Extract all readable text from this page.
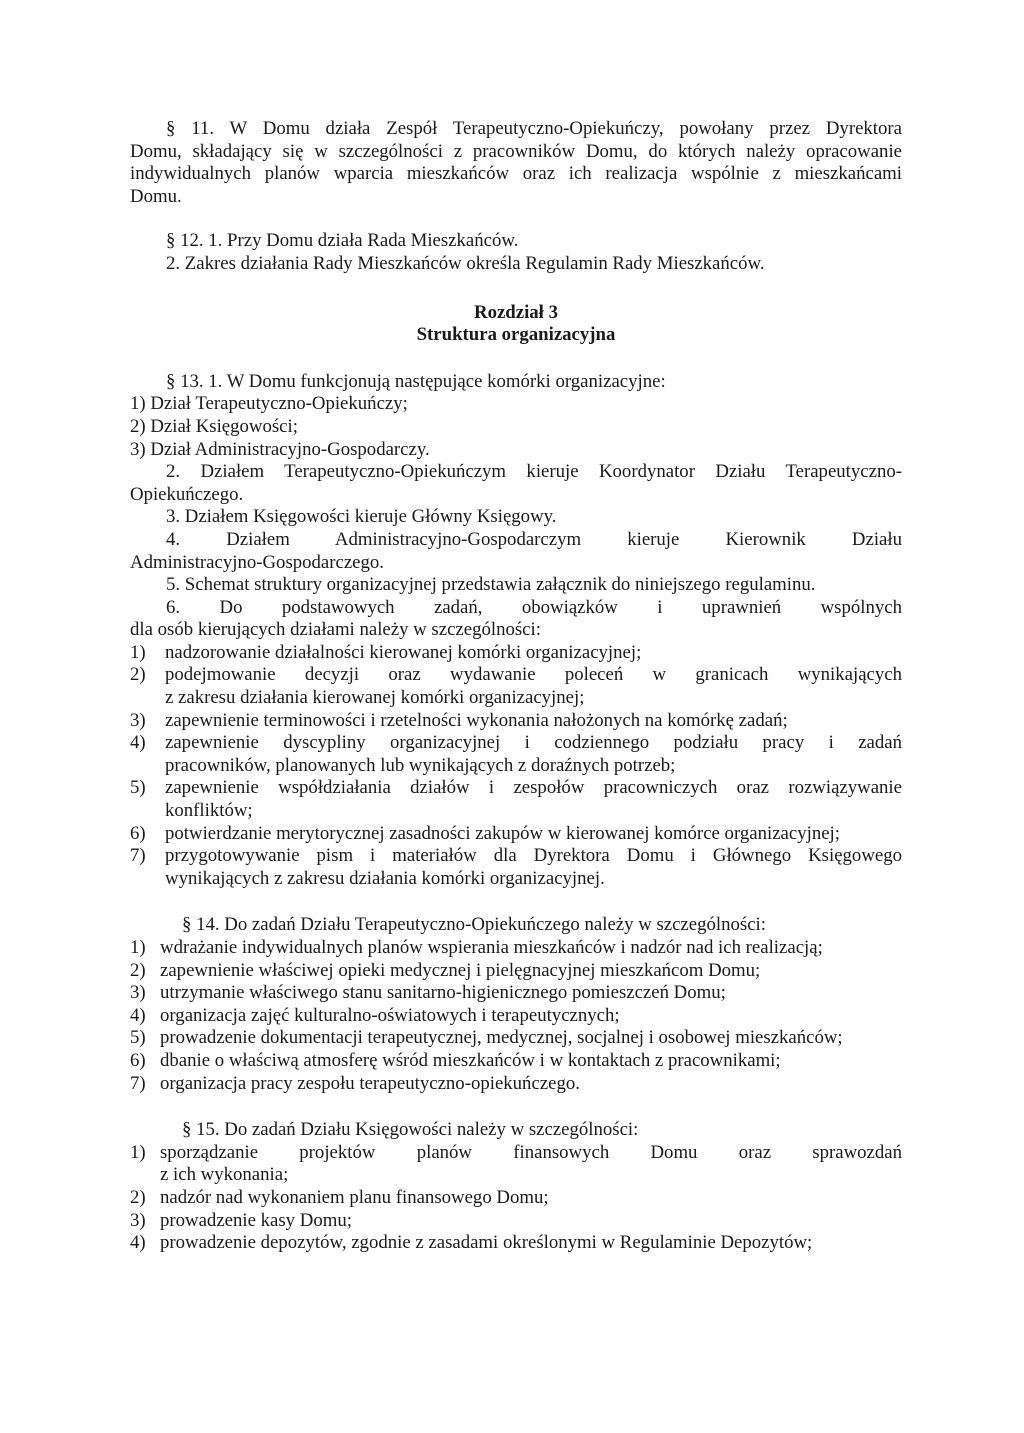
§ 11. W Domu działa Zespół Terapeutyczno-Opiekuńczy, powołany przez Dyrektora

Domu, składający się w szczególności z pracowników Domu, do których należy opracowanie

indywidualnych planów wparcia mieszkańców oraz ich realizacja wspólnie z mieszkańcami

Domu.

§ 12. 1. Przy Domu działa Rada Mieszkańców.

2. Zakres działania Rady Mieszkańców określa Regulamin Rady Mieszkańców.

Rozdział 3

Struktura organizacyjna

§ 13. 1. W Domu funkcjonują następujące komórki organizacyjne:

1) Dział Terapeutyczno-Opiekuńczy;

2) Dział Księgowości;

3) Dział Administracyjno-Gospodarczy.

2. Działem Terapeutyczno-Opiekuńczym kieruje Koordynator Działu Terapeutyczno-

Opiekuńczego.

3. Działem Księgowości kieruje Główny Księgowy.

4. Działem Administracyjno-Gospodarczym kieruje Kierownik Działu

Administracyjno-Gospodarczego.

5. Schemat struktury organizacyjnej przedstawia załącznik do niniejszego regulaminu.

6. Do podstawowych zadań, obowiązków i uprawnień wspólnych

dla osób kierujących działami należy w szczególności:

1) nadzorowanie działalności kierowanej komórki organizacyjnej;

2) podejmowanie decyzji oraz wydawanie poleceń w granicach wynikających

z zakresu działania kierowanej komórki organizacyjnej;

3) zapewnienie terminowości i rzetelności wykonania nałożonych na komórkę zadań;

4) zapewnienie dyscypliny organizacyjnej i codziennego podziału pracy i zadań

pracowników, planowanych lub wynikających z doraźnych potrzeb;

5) zapewnienie współdziałania działów i zespołów pracowniczych oraz rozwiązywanie

konfliktów;

6) potwierdzanie merytorycznej zasadności zakupów w kierowanej komórce organizacyjnej;

7) przygotowywanie pism i materiałów dla Dyrektora Domu i Głównego Księgowego

wynikających z zakresu działania komórki organizacyjnej.

§ 14. Do zadań Działu Terapeutyczno-Opiekuńczego należy w szczególności:

1) wdrażanie indywidualnych planów wspierania mieszkańców i nadzór nad ich realizacją;

2) zapewnienie właściwej opieki medycznej i pielęgnacyjnej mieszkańcom Domu;

3) utrzymanie właściwego stanu sanitarno-higienicznego pomieszczeń Domu;

4) organizacja zajęć kulturalno-oświatowych i terapeutycznych;

5) prowadzenie dokumentacji terapeutycznej, medycznej, socjalnej i osobowej mieszkańców;

6) dbanie o właściwą atmosferę wśród mieszkańców i w kontaktach z pracownikami;

7) organizacja pracy zespołu terapeutyczno-opiekuńczego.

§ 15. Do zadań Działu Księgowości należy w szczególności:

1) sporządzanie projektów planów finansowych Domu oraz sprawozdań

z ich wykonania;

2) nadzór nad wykonaniem planu finansowego Domu;

3) prowadzenie kasy Domu;

4) prowadzenie depozytów, zgodnie z zasadami określonymi w Regulaminie Depozytów;
